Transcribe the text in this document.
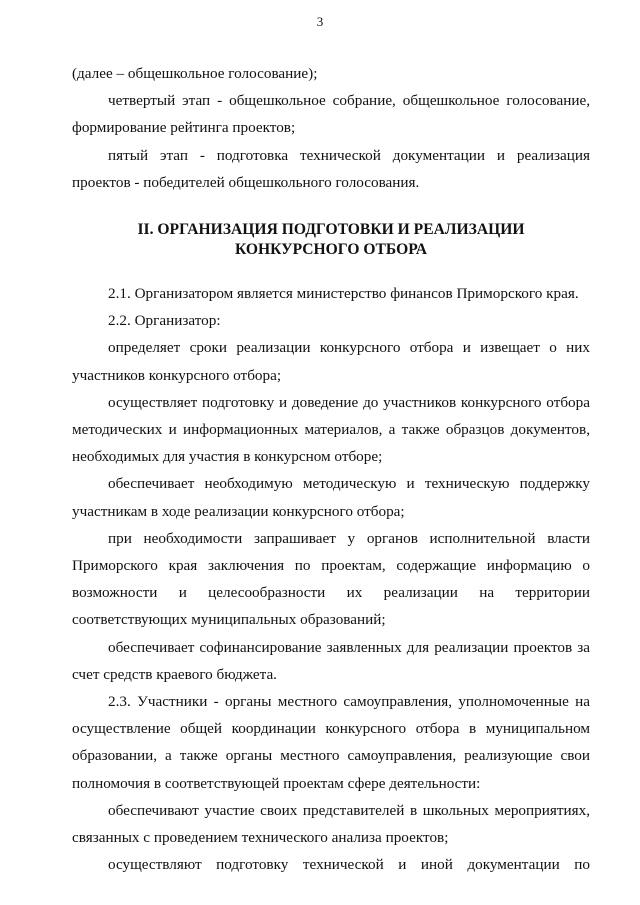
3

(далее – общешкольное голосование);

четвертый этап - общешкольное собрание, общешкольное голосование, формирование рейтинга проектов;

пятый этап - подготовка технической документации и реализация проектов - победителей общешкольного голосования.

II. ОРГАНИЗАЦИЯ ПОДГОТОВКИ И РЕАЛИЗАЦИИ
КОНКУРСНОГО ОТБОРА

2.1. Организатором является министерство финансов Приморского края.

2.2. Организатор:

определяет сроки реализации конкурсного отбора и извещает о них участников конкурсного отбора;

осуществляет подготовку и доведение до участников конкурсного отбора методических и информационных материалов, а также образцов документов, необходимых для участия в конкурсном отборе;

обеспечивает необходимую методическую и техническую поддержку участникам в ходе реализации конкурсного отбора;

при необходимости запрашивает у органов исполнительной власти Приморского края заключения по проектам, содержащие информацию о возможности и целесообразности их реализации на территории соответствующих муниципальных образований;

обеспечивает софинансирование заявленных для реализации проектов за счет средств краевого бюджета.

2.3. Участники - органы местного самоуправления, уполномоченные на осуществление общей координации конкурсного отбора в муниципальном образовании, а также органы местного самоуправления, реализующие свои полномочия в соответствующей проектам сфере деятельности:

обеспечивают участие своих представителей в школьных мероприятиях, связанных с проведением технического анализа проектов;

осуществляют подготовку технической и иной документации по
